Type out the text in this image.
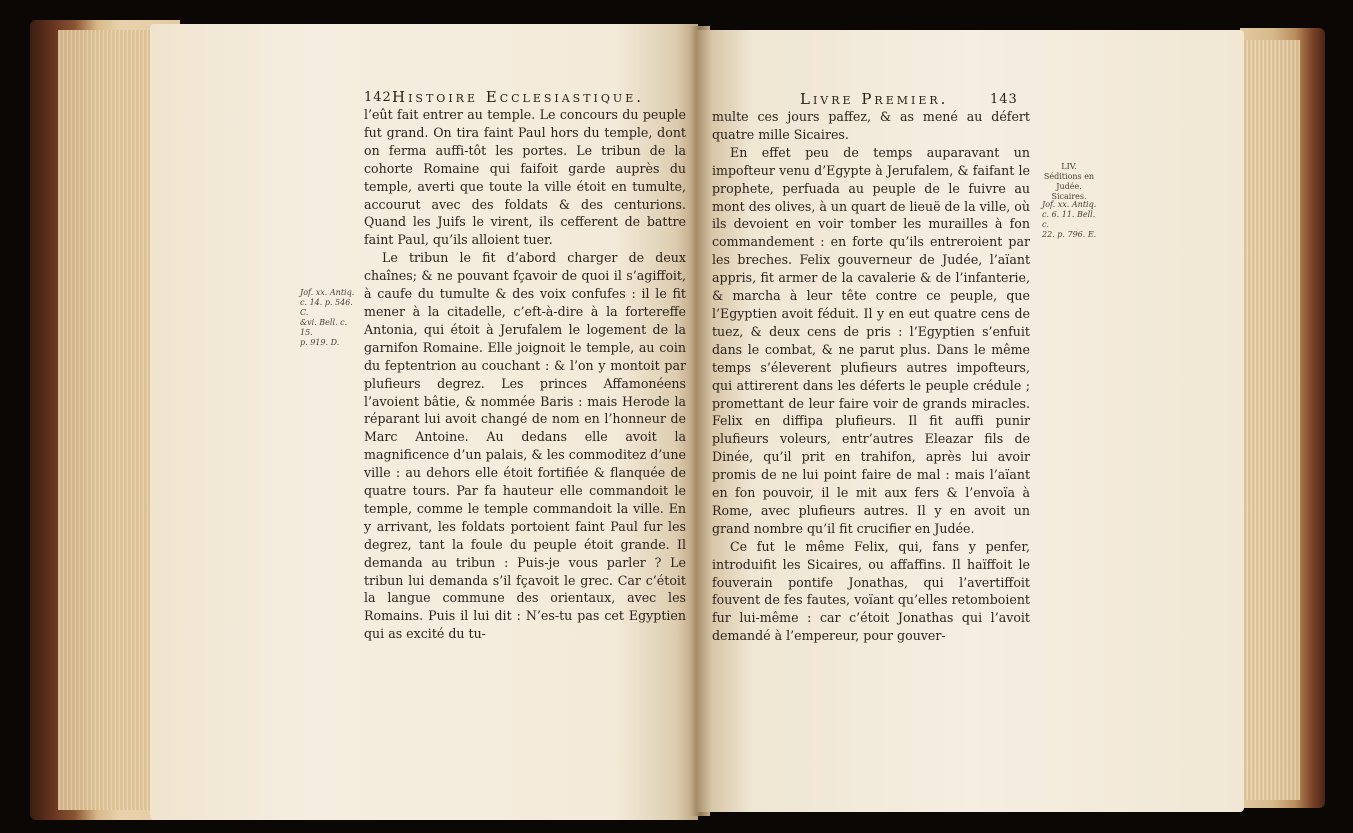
142 Histoire Ecclesiastique.

l’eût fait entrer au temple. Le concours du peuple fut grand. On tira faint Paul hors du temple, dont on ferma auffi-tôt les portes. Le tribun de la cohorte Romaine qui faifoit garde auprès du temple, averti que toute la ville étoit en tumulte, accourut avec des foldats & des centurions. Quand les Juifs le virent, ils cefferent de battre faint Paul, qu’ils alloient tuer.

Le tribun le fit d’abord charger de deux chaînes; & ne pouvant fçavoir de quoi il s’agiffoit, à caufe du tumulte & des voix confufes : il le fit mener à la citadelle, c’eft-à-dire à la fortereffe Antonia, qui étoit à Jerufalem le logement de la garnifon Romaine. Elle joignoit le temple, au coin du feptentrion au couchant : & l’on y montoit par plufieurs degrez. Les princes Affamonéens l’avoient bâtie, & nommée Baris : mais Herode la réparant lui avoit changé de nom en l’honneur de Marc Antoine. Au dedans elle avoit la magnificence d’un palais, & les commoditez d’une ville : au dehors elle étoit fortifiée & flanquée de quatre tours. Par fa hauteur elle commandoit le temple, comme le temple commandoit la ville. En y arrivant, les foldats portoient faint Paul fur les degrez, tant la foule du peuple étoit grande. Il demanda au tribun : Puis-je vous parler ? Le tribun lui demanda s’il fçavoit le grec. Car c’étoit la langue commune des orientaux, avec les Romains. Puis il lui dit : N’es-tu pas cet Egyptien qui as excité du tu-

Jof. xx. Antiq.
c. 14. p. 546. C.
&vi. Bell. c. 15.
p. 919. D.
Livre Premier.	143

multe ces jours paffez, & as mené au défert quatre mille Sicaires.

En effet peu de temps auparavant un impofteur venu d’Egypte à Jerufalem, & faifant le prophete, perfuada au peuple de le fuivre au mont des olives, à un quart de lieuë de la ville, où ils devoient en voir tomber les murailles à fon commandement : en forte qu’ils entreroient par les breches. Felix gouverneur de Judée, l’aïant appris, fit armer de la cavalerie & de l’infanterie, & marcha à leur tête contre ce peuple, que l’Egyptien avoit féduit. Il y en eut quatre cens de tuez, & deux cens de pris : l’Egyptien s’enfuit dans le combat, & ne parut plus. Dans le même temps s’éleverent plufieurs autres impofteurs, qui attirerent dans les déferts le peuple crédule ; promettant de leur faire voir de grands miracles. Felix en diffipa plufieurs. Il fit auffi punir plufieurs voleurs, entr’autres Eleazar fils de Dinée, qu’il prit en trahifon, après lui avoir promis de ne lui point faire de mal : mais l’aïant en fon pouvoir, il le mit aux fers & l’envoïa à Rome, avec plufieurs autres. Il y en avoit un grand nombre qu’il fit crucifier en Judée.

Ce fut le même Felix, qui, fans y penfer, introduifit les Sicaires, ou affaffins. Il haïffoit le fouverain pontife Jonathas, qui l’avertiffoit fouvent de fes fautes, voïant qu’elles retomboient fur lui-même : car c’étoit Jonathas qui l’avoit demandé à l’empereur, pour gouver-

LIV.
Séditions en Judée. Sicaires.
Jof. xx. Antiq.
c. 6. 11. Bell. c.
22. p. 796. E.
